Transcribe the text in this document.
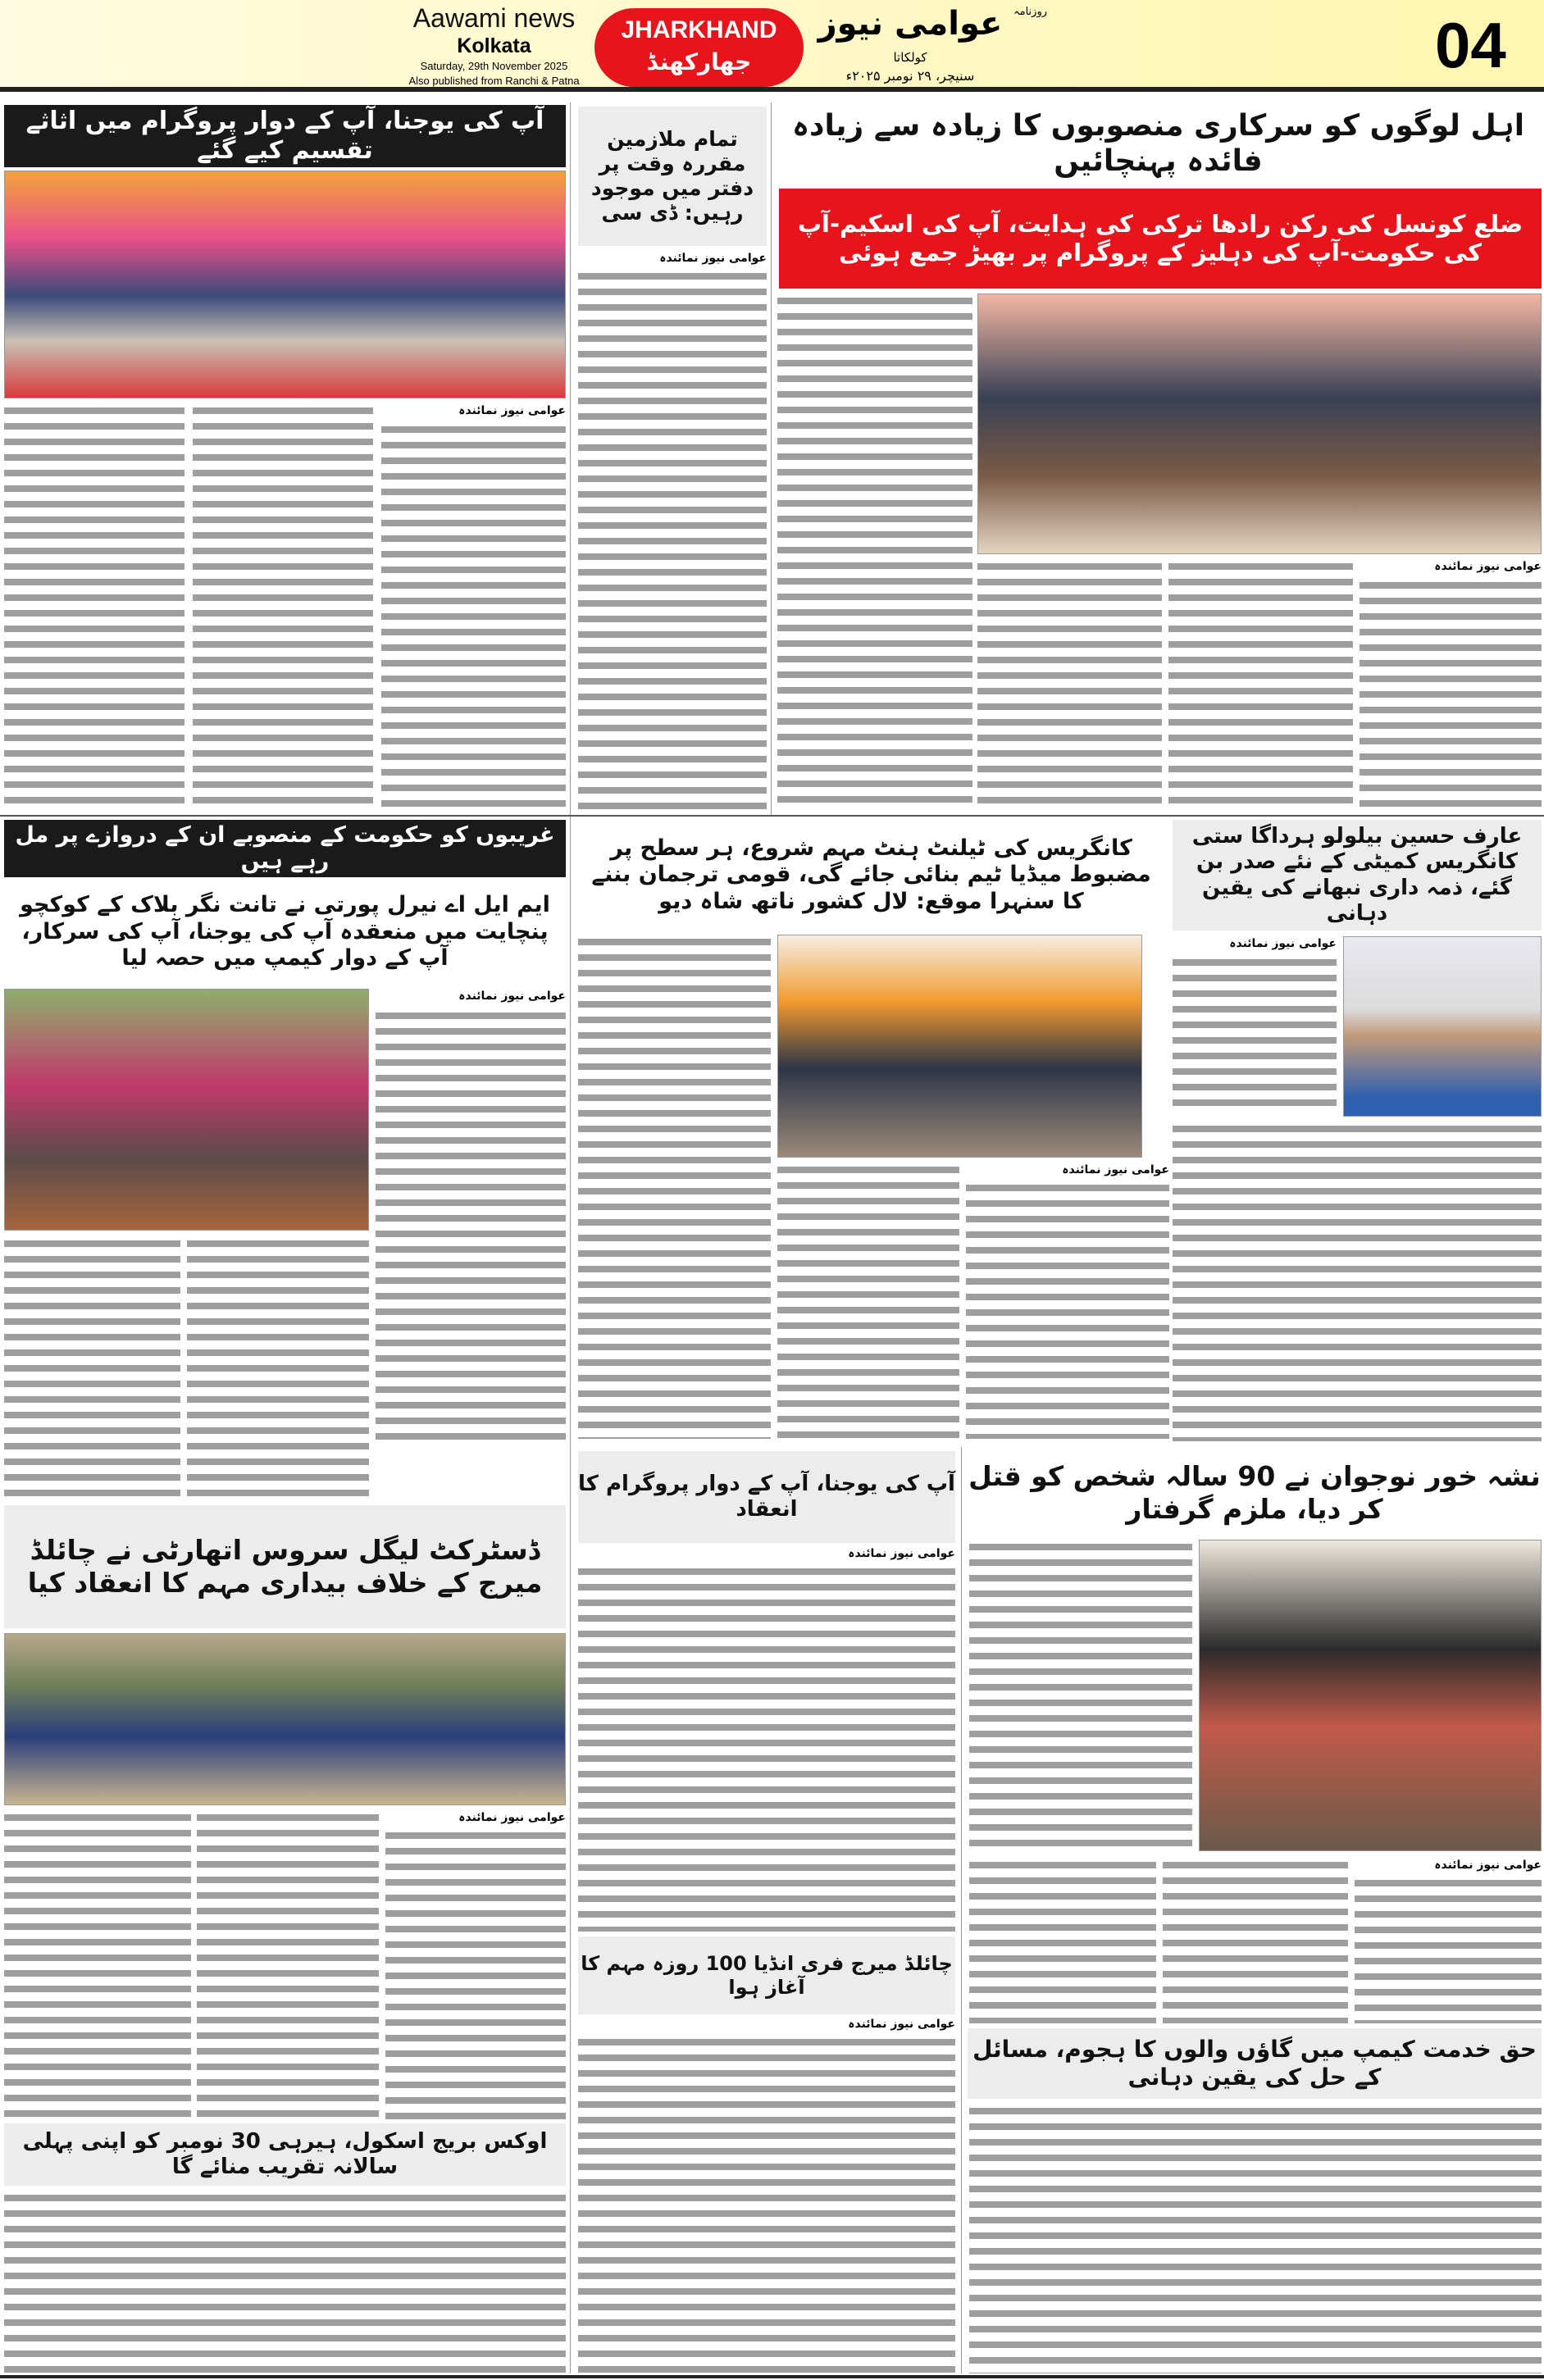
Aawami news
Kolkata
Saturday, 29th November 2025
Also published from Ranchi & Patna
JHARKHAND
جھارکھنڈ
عوامی نیوز	روزنامہ
کولکاتا
سنیچر، ۲۹ نومبر ۲۰۲۵ء	04
آپ کی یوجنا، آپ کے دوار پروگرام میں اثاثے تقسیم کیے گئے
عوامی نیوز نمائندہ
تمام ملازمین مقررہ وقت پر دفتر میں موجود رہیں: ڈی سی
عوامی نیوز نمائندہ
اہل لوگوں کو سرکاری منصوبوں کا زیادہ سے زیادہ فائدہ پہنچائیں
ضلع کونسل کی رکن رادھا ترکی کی ہدایت، آپ کی اسکیم-آپ کی حکومت-آپ کی دہلیز کے پروگرام پر بھیڑ جمع ہوئی
عوامی نیوز نمائندہ
غریبوں کو حکومت کے منصوبے ان کے دروازے پر مل رہے ہیں
ایم ایل اے نیرل پورتی نے تانت نگر بلاک کے کوکچو پنچایت میں منعقدہ آپ کی یوجنا، آپ کی سرکار، آپ کے دوار کیمپ میں حصہ لیا
عوامی نیوز نمائندہ
کانگریس کی ٹیلنٹ ہنٹ مہم شروع، ہر سطح پر مضبوط میڈیا ٹیم بنائی جائے گی، قومی ترجمان بننے کا سنہرا موقع: لال کشور ناتھ شاہ دیو
عوامی نیوز نمائندہ
عارف حسین بیلولو ہرداگا ستی کانگریس کمیٹی کے نئے صدر بن گئے، ذمہ داری نبھانے کی یقین دہانی
عوامی نیوز نمائندہ
ڈسٹرکٹ لیگل سروس اتھارٹی نے چائلڈ میرج کے خلاف بیداری مہم کا انعقاد کیا
عوامی نیوز نمائندہ
اوکس بریج اسکول، ہیرہی 30 نومبر کو اپنی پہلی سالانہ تقریب منائے گا
آپ کی یوجنا، آپ کے دوار پروگرام کا انعقاد
عوامی نیوز نمائندہ
چائلڈ میرج فری انڈیا 100 روزہ مہم کا آغاز ہوا
عوامی نیوز نمائندہ
نشہ خور نوجوان نے 90 سالہ شخص کو قتل کر دیا، ملزم گرفتار
عوامی نیوز نمائندہ
حق خدمت کیمپ میں گاؤں والوں کا ہجوم، مسائل کے حل کی یقین دہانی
